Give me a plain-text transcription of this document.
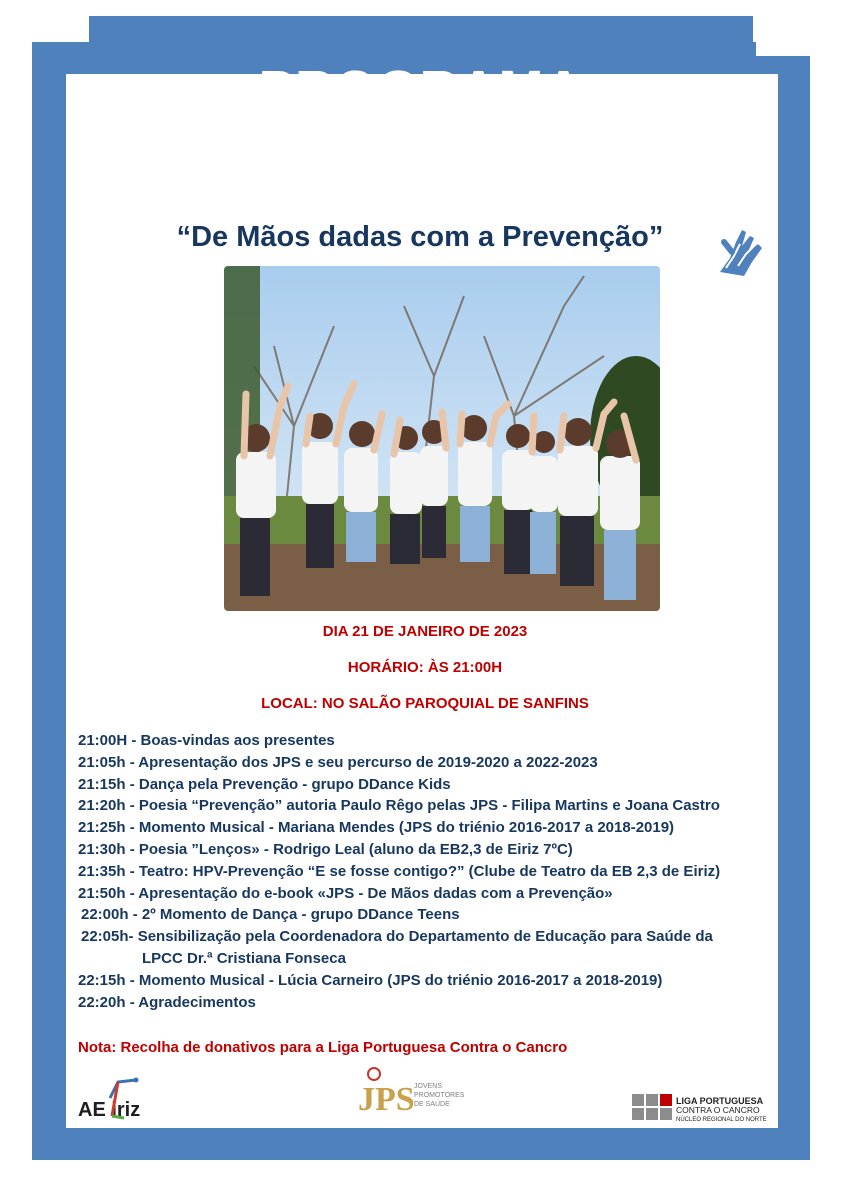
PROGRAMA
Jovens Promotores de Saúde
“De Mãos dadas com a Prevenção”
DIA 21 DE JANEIRO DE 2023
HORÁRIO: ÀS 21:00H
LOCAL: NO SALÃO PAROQUIAL DE SANFINS
21:00H - Boas-vindas aos presentes
21:05h - Apresentação dos JPS e seu percurso de 2019-2020 a 2022-2023
21:15h - Dança pela Prevenção - grupo DDance Kids
21:20h - Poesia “Prevenção” autoria Paulo Rêgo pelas JPS - Filipa Martins e Joana Castro
21:25h - Momento Musical - Mariana Mendes (JPS do triénio 2016-2017 a 2018-2019)
21:30h - Poesia ”Lenços» - Rodrigo Leal (aluno da EB2,3 de Eiriz 7ºC)
21:35h - Teatro: HPV-Prevenção “E se fosse contigo?” (Clube de Teatro da EB 2,3 de Eiriz)
21:50h - Apresentação do e-book «JPS - De Mãos dadas com a Prevenção»
22:00h - 2º Momento de Dança - grupo DDance Teens
22:05h- Sensibilização pela Coordenadora do Departamento de Educação para Saúde da
LPCC Dr.ª Cristiana Fonseca
22:15h - Momento Musical - Lúcia Carneiro (JPS do triénio 2016-2017 a 2018-2019)
22:20h - Agradecimentos
Nota: Recolha de donativos para a Liga Portuguesa Contra o Cancro
AE iriz	JPS JOVENS
PROMOTORES
DE SAÚDE	LIGA PORTUGUESA
CONTRA O CANCRO
NÚCLEO REGIONAL DO NORTE
